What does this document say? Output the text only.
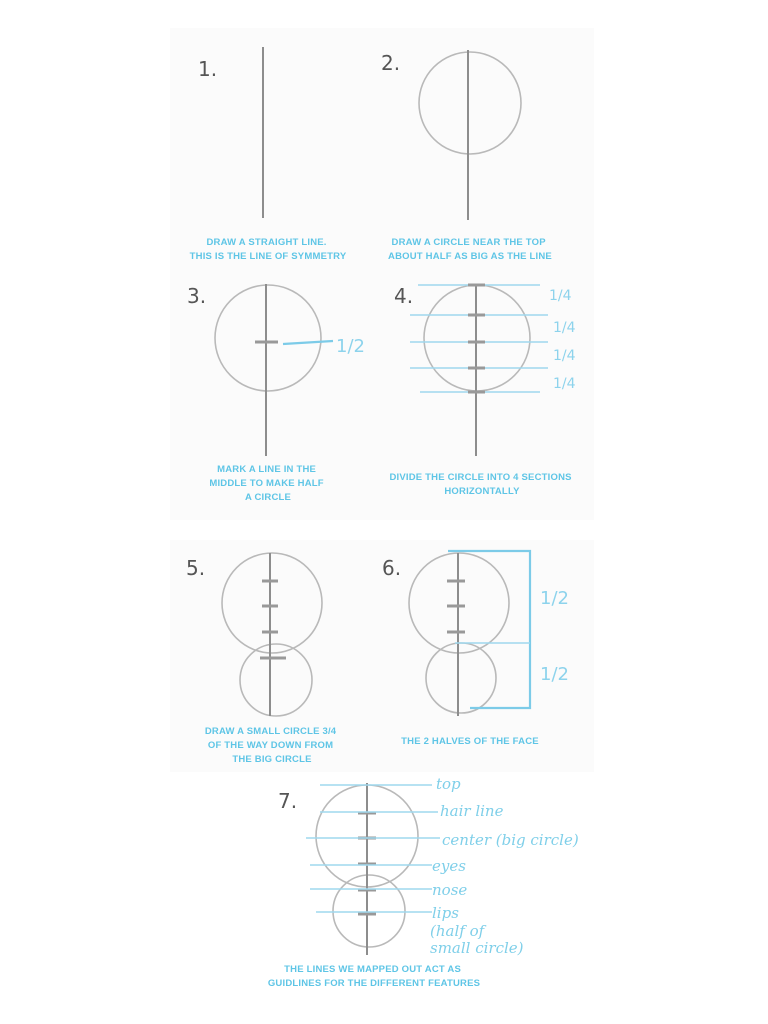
1.
DRAW A STRAIGHT LINE. THIS IS THE LINE OF SYMMETRY
2.
DRAW A CIRCLE NEAR THE TOP ABOUT HALF AS BIG AS THE LINE
3.
1/2
MARK A LINE IN THE MIDDLE TO MAKE HALF A CIRCLE
4.	1/4
1/4
1/4
1/4
DIVIDE THE CIRCLE INTO 4 SECTIONS HORIZONTALLY
5.
DRAW A SMALL CIRCLE 3/4 OF THE WAY DOWN FROM THE BIG CIRCLE
6.
1/2
1/2
THE 2 HALVES OF THE FACE
7.
top
hair line
center (big circle)
eyes
nose
lips
(half of
small circle)
THE LINES WE MAPPED OUT ACT AS GUIDLINES FOR THE DIFFERENT FEATURES
